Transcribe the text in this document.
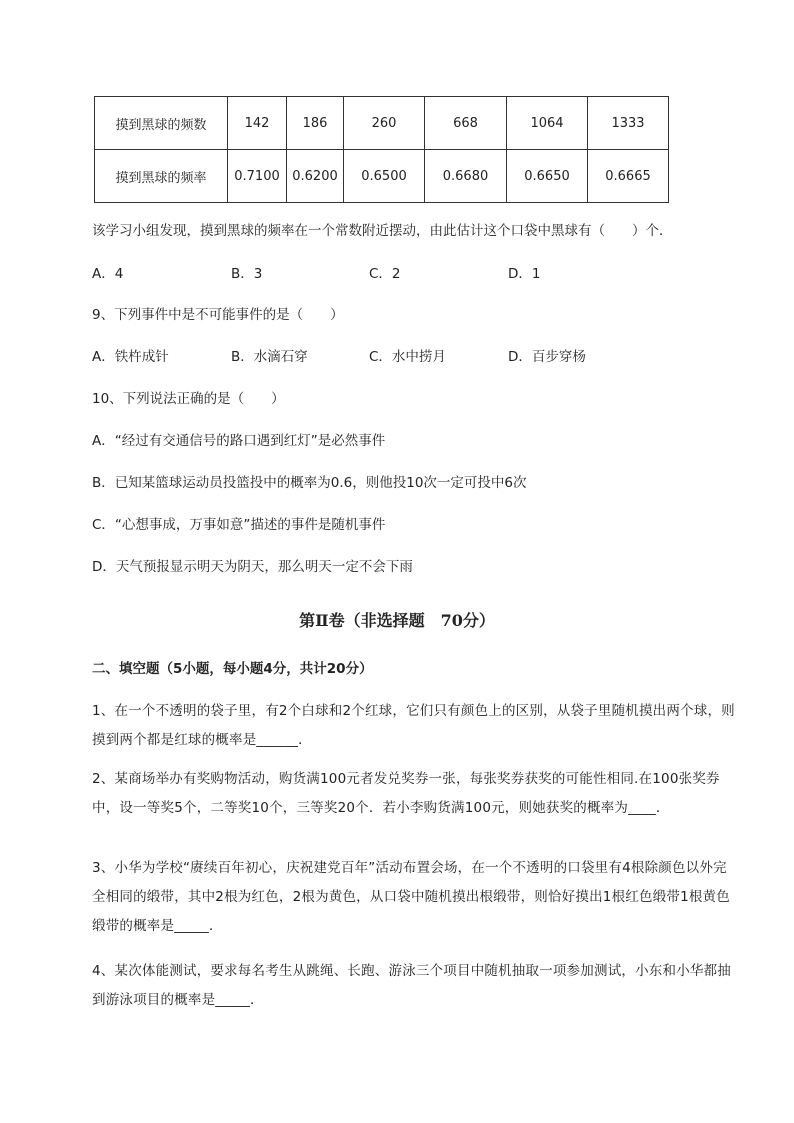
摸到黑球的频数	142	186	260	668	1064	1333
摸到黑球的频率	0.7100	0.6200	0.6500	0.6680	0.6650	0.6665
该学习小组发现，摸到黑球的频率在一个常数附近摆动，由此估计这个口袋中黑球有（　　）个．
A．4	B．3	C．2	D．1
9、下列事件中是不可能事件的是（　　）
A．铁杵成针	B．水滴石穿	C．水中捞月	D．百步穿杨
10、下列说法正确的是（　　）
A．“经过有交通信号的路口遇到红灯”是必然事件
B．已知某篮球运动员投篮投中的概率为0.6，则他投10次一定可投中6次
C．“心想事成，万事如意”描述的事件是随机事件
D．天气预报显示明天为阴天，那么明天一定不会下雨
第Ⅱ卷（非选择题　70分）
二、填空题（5小题，每小题4分，共计20分）
1、在一个不透明的袋子里，有2个白球和2个红球，它们只有颜色上的区别，从袋子里随机摸出两个球，则摸到两个都是红球的概率是______．
2、某商场举办有奖购物活动，购货满100元者发兑奖券一张，每张奖券获奖的可能性相同.在100张奖券中，设一等奖5个，二等奖10个，三等奖20个．若小李购货满100元，则她获奖的概率为____．
3、小华为学校“赓续百年初心，庆祝建党百年”活动布置会场，在一个不透明的口袋里有4根除颜色以外完全相同的缎带，其中2根为红色，2根为黄色，从口袋中随机摸出根缎带，则恰好摸出1根红色缎带1根黄色缎带的概率是_____．
4、某次体能测试，要求每名考生从跳绳、长跑、游泳三个项目中随机抽取一项参加测试，小东和小华都抽到游泳项目的概率是_____．
